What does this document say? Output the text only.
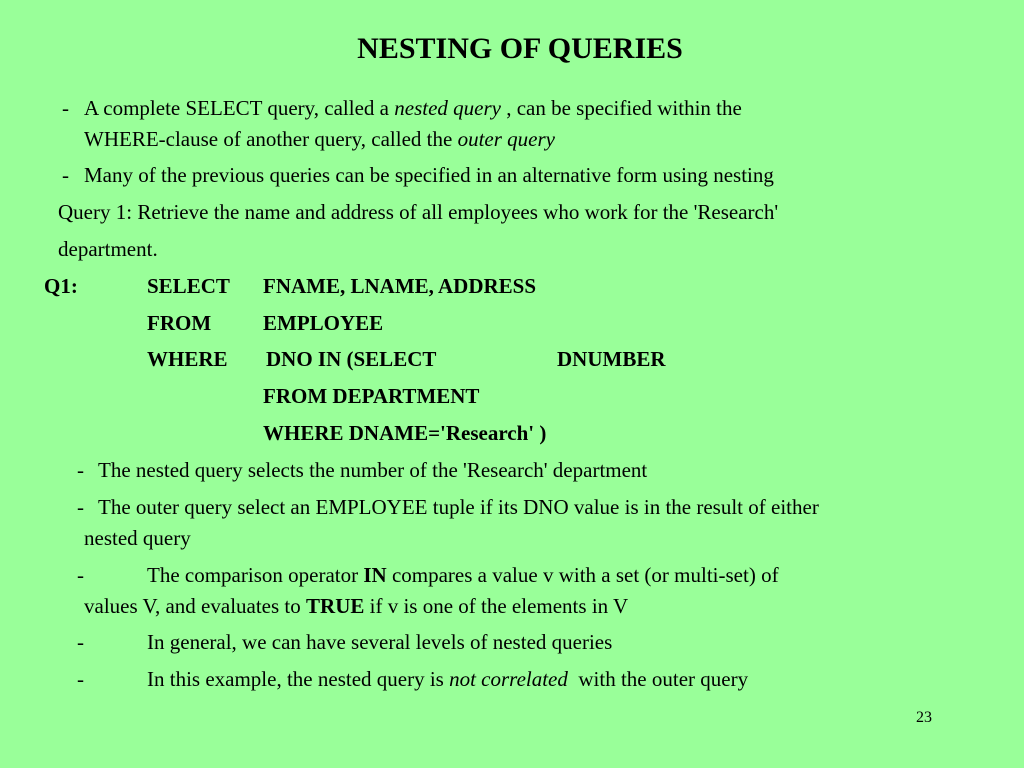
NESTING OF QUERIES
- A complete SELECT query, called a nested query , can be specified within the
WHERE-clause of another query, called the outer query
- Many of the previous queries can be specified in an alternative form using nesting
Query 1: Retrieve the name and address of all employees who work for the 'Research'
department.
Q1:	SELECT FNAME, LNAME, ADDRESS
FROM EMPLOYEE
WHERE DNO IN (SELECT	DNUMBER
FROM DEPARTMENT
WHERE DNAME='Research' )
- The nested query selects the number of the 'Research' department
- The outer query select an EMPLOYEE tuple if its DNO value is in the result of either
nested query
-	The comparison operator IN compares a value v with a set (or multi-set) of
values V, and evaluates to TRUE if v is one of the elements in V
-	In general, we can have several levels of nested queries
-	In this example, the nested query is not correlated  with the outer query
23
